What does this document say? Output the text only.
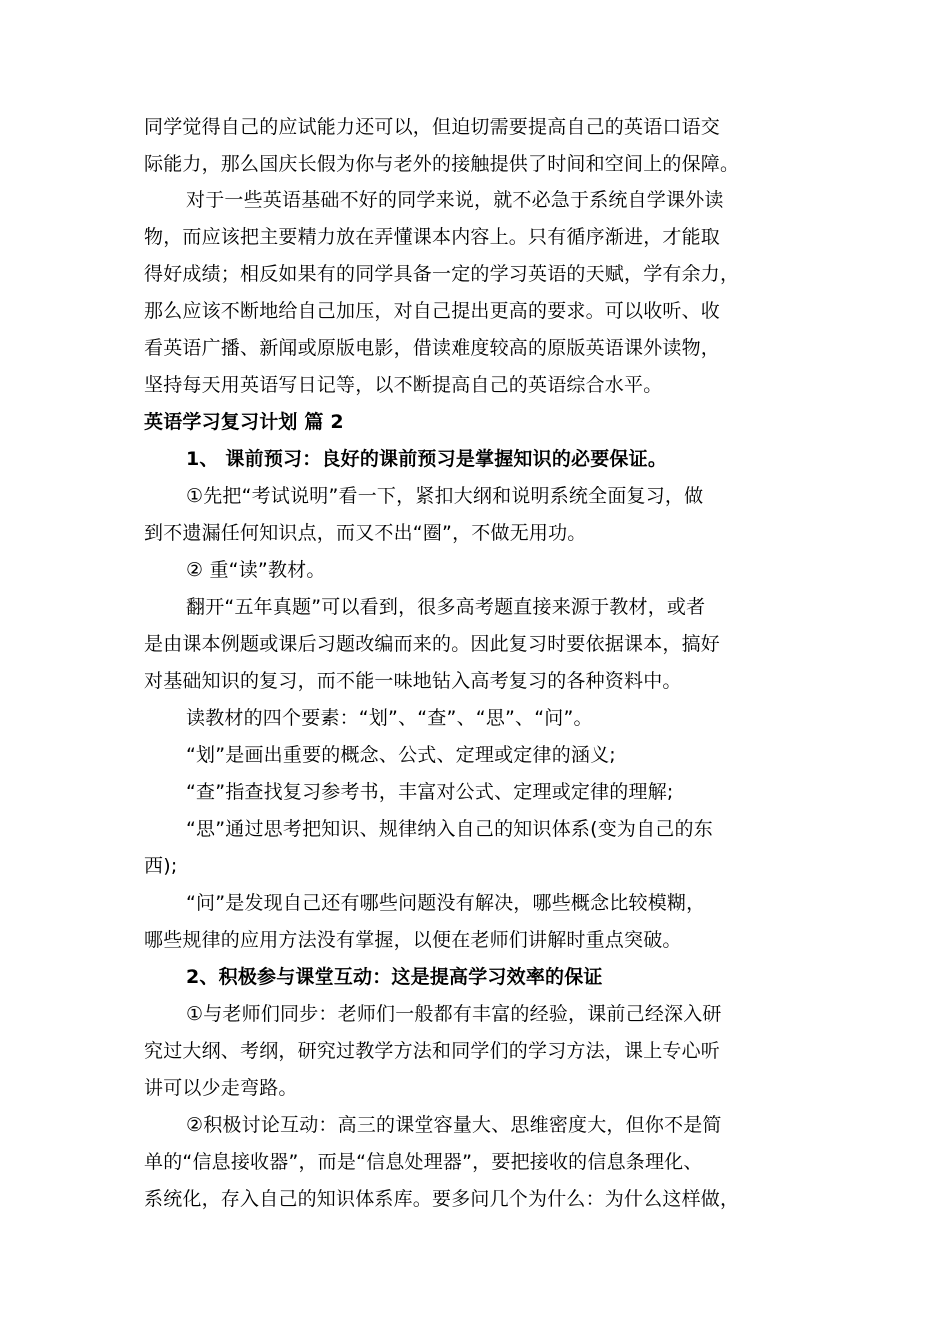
同学觉得自己的应试能力还可以，但迫切需要提高自己的英语口语交
际能力，那么国庆长假为你与老外的接触提供了时间和空间上的保障。
对于一些英语基础不好的同学来说，就不必急于系统自学课外读
物，而应该把主要精力放在弄懂课本内容上。只有循序渐进，才能取
得好成绩；相反如果有的同学具备一定的学习英语的天赋，学有余力，
那么应该不断地给自己加压，对自己提出更高的要求。可以收听、收
看英语广播、新闻或原版电影，借读难度较高的原版英语课外读物，
坚持每天用英语写日记等，以不断提高自己的英语综合水平。
英语学习复习计划 篇 2
1、 课前预习：良好的课前预习是掌握知识的必要保证。
①先把“考试说明”看一下，紧扣大纲和说明系统全面复习，做
到不遗漏任何知识点，而又不出“圈”，不做无用功。
② 重“读”教材。
翻开“五年真题”可以看到，很多高考题直接来源于教材，或者
是由课本例题或课后习题改编而来的。因此复习时要依据课本，搞好
对基础知识的复习，而不能一味地钻入高考复习的各种资料中。
读教材的四个要素：“划”、“查”、“思”、“问”。
“划”是画出重要的概念、公式、定理或定律的涵义;
“查”指查找复习参考书，丰富对公式、定理或定律的理解;
“思”通过思考把知识、规律纳入自己的知识体系(变为自己的东
西);
“问”是发现自己还有哪些问题没有解决，哪些概念比较模糊，
哪些规律的应用方法没有掌握，以便在老师们讲解时重点突破。
2、积极参与课堂互动：这是提高学习效率的保证
①与老师们同步：老师们一般都有丰富的经验，课前己经深入研
究过大纲、考纲，研究过教学方法和同学们的学习方法，课上专心听
讲可以少走弯路。
②积极讨论互动：高三的课堂容量大、思维密度大，但你不是简
单的“信息接收器”，而是“信息处理器”，要把接收的信息条理化、
系统化，存入自己的知识体系库。要多问几个为什么：为什么这样做，
